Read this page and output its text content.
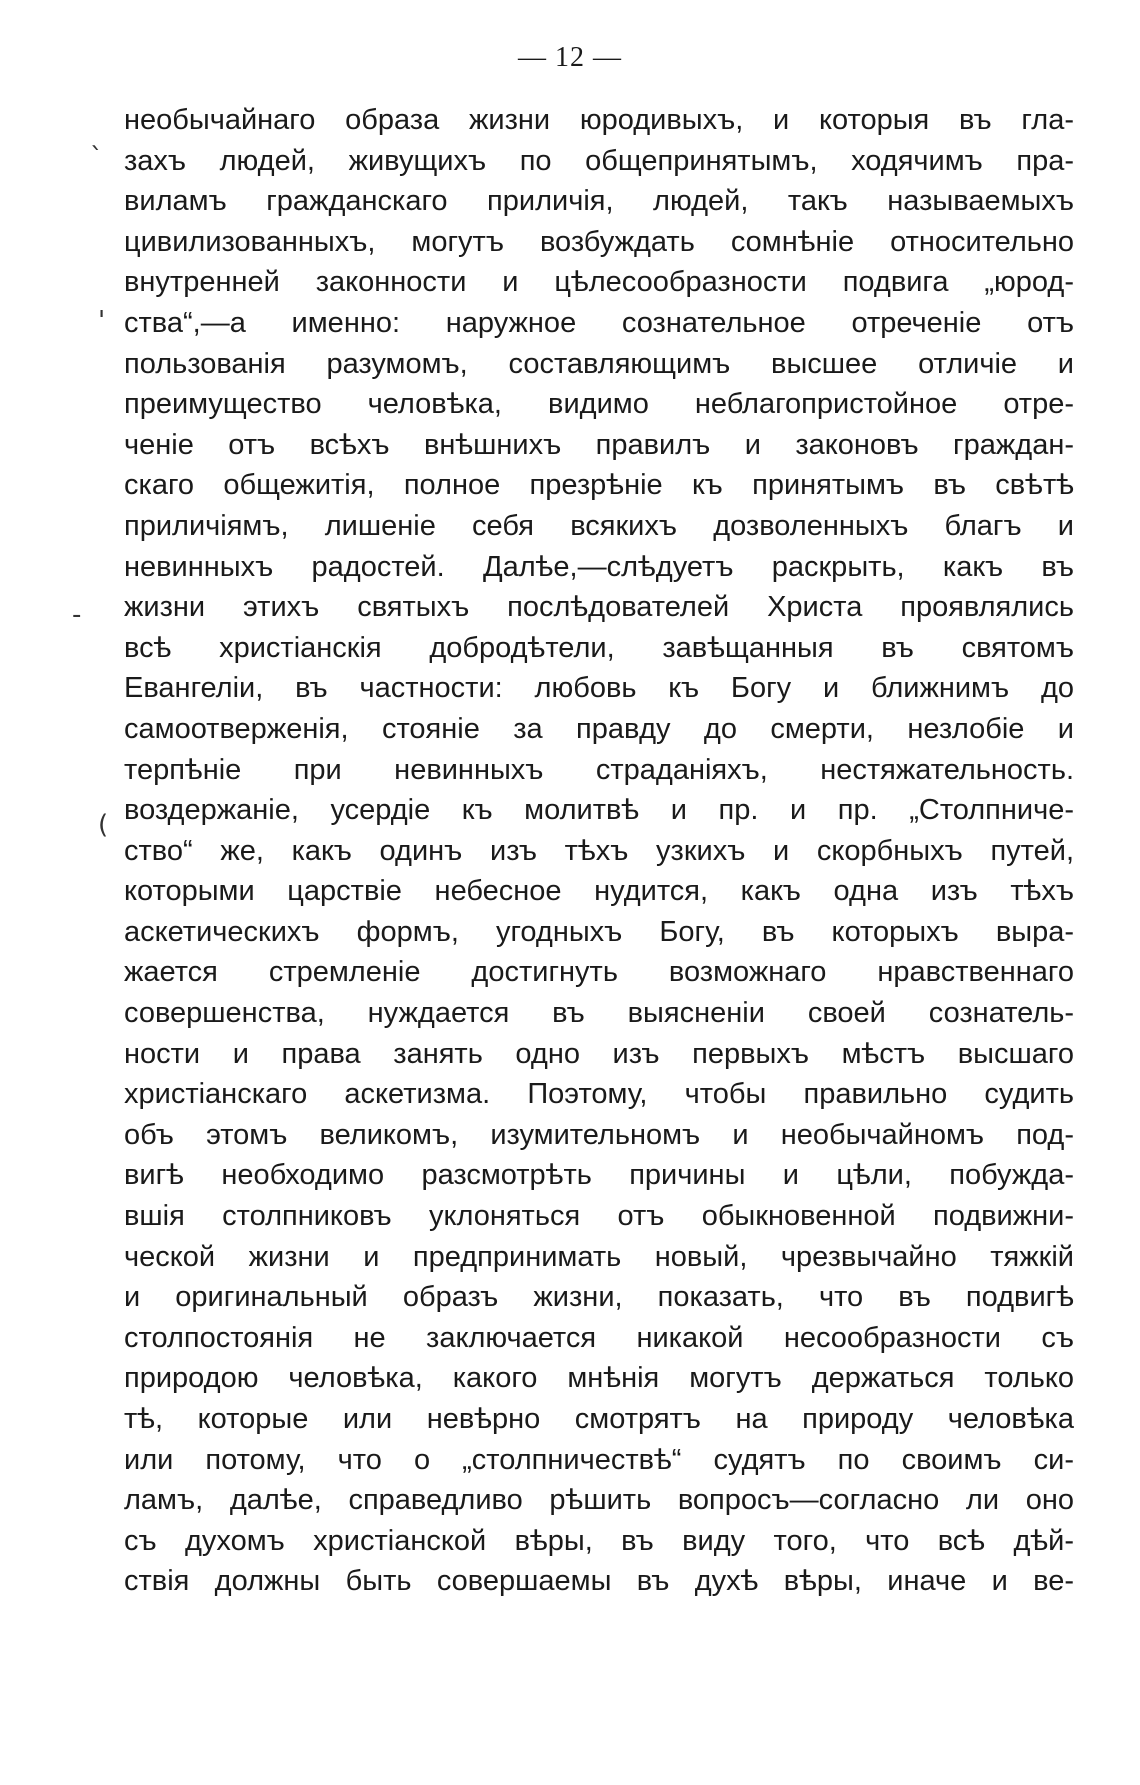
— 12 —
`
'
-
(
необычайнаго образа жизни юродивыхъ, и которыя въ гла-
захъ людей, живущихъ по общепринятымъ, ходячимъ пра-
виламъ гражданскаго приличія, людей, такъ называемыхъ
цивилизованныхъ, могутъ возбуждать сомнѣніе относительно
внутренней законности и цѣлесообразности подвига „юрод-
ства“,—а именно: наружное сознательное отреченіе отъ
пользованія разумомъ, составляющимъ высшее отличіе и
преимущество человѣка, видимо неблагопристойное отре-
ченіе отъ всѣхъ внѣшнихъ правилъ и законовъ граждан-
скаго общежитія, полное презрѣніе къ принятымъ въ свѣтѣ
приличіямъ, лишеніе себя всякихъ дозволенныхъ благъ и
невинныхъ радостей. Далѣе,—слѣдуетъ раскрыть, какъ въ
жизни этихъ святыхъ послѣдователей Христа проявлялись
всѣ христіанскія добродѣтели, завѣщанныя въ святомъ
Евангеліи, въ частности: любовь къ Богу и ближнимъ до
самоотверженія, стояніе за правду до смерти, незлобіе и
терпѣніе при невинныхъ страданіяхъ, нестяжательность.
воздержаніе, усердіе къ молитвѣ и пр. и пр. „Столпниче-
ство“ же, какъ одинъ изъ тѣхъ узкихъ и скорбныхъ путей,
которыми царствіе небесное нудится, какъ одна изъ тѣхъ
аскетическихъ формъ, угодныхъ Богу, въ которыхъ выра-
жается стремленіе достигнуть возможнаго нравственнаго
совершенства, нуждается въ выясненіи своей сознатель-
ности и права занять одно изъ первыхъ мѣстъ высшаго
христіанскаго аскетизма. Поэтому, чтобы правильно судить
объ этомъ великомъ, изумительномъ и необычайномъ под-
вигѣ необходимо разсмотрѣть причины и цѣли, побужда-
вшія столпниковъ уклоняться отъ обыкновенной подвижни-
ческой жизни и предпринимать новый, чрезвычайно тяжкій
и оригинальный образъ жизни, показать, что въ подвигѣ
столпостоянія не заключается никакой несообразности съ
природою человѣка, какого мнѣнія могутъ держаться только
тѣ, которые или невѣрно смотрятъ на природу человѣка
или потому, что о „столпничествѣ“ судятъ по своимъ си-
ламъ, далѣе, справедливо рѣшить вопросъ—согласно ли оно
съ духомъ христіанской вѣры, въ виду того, что всѣ дѣй-
ствія должны быть совершаемы въ духѣ вѣры, иначе и ве-
